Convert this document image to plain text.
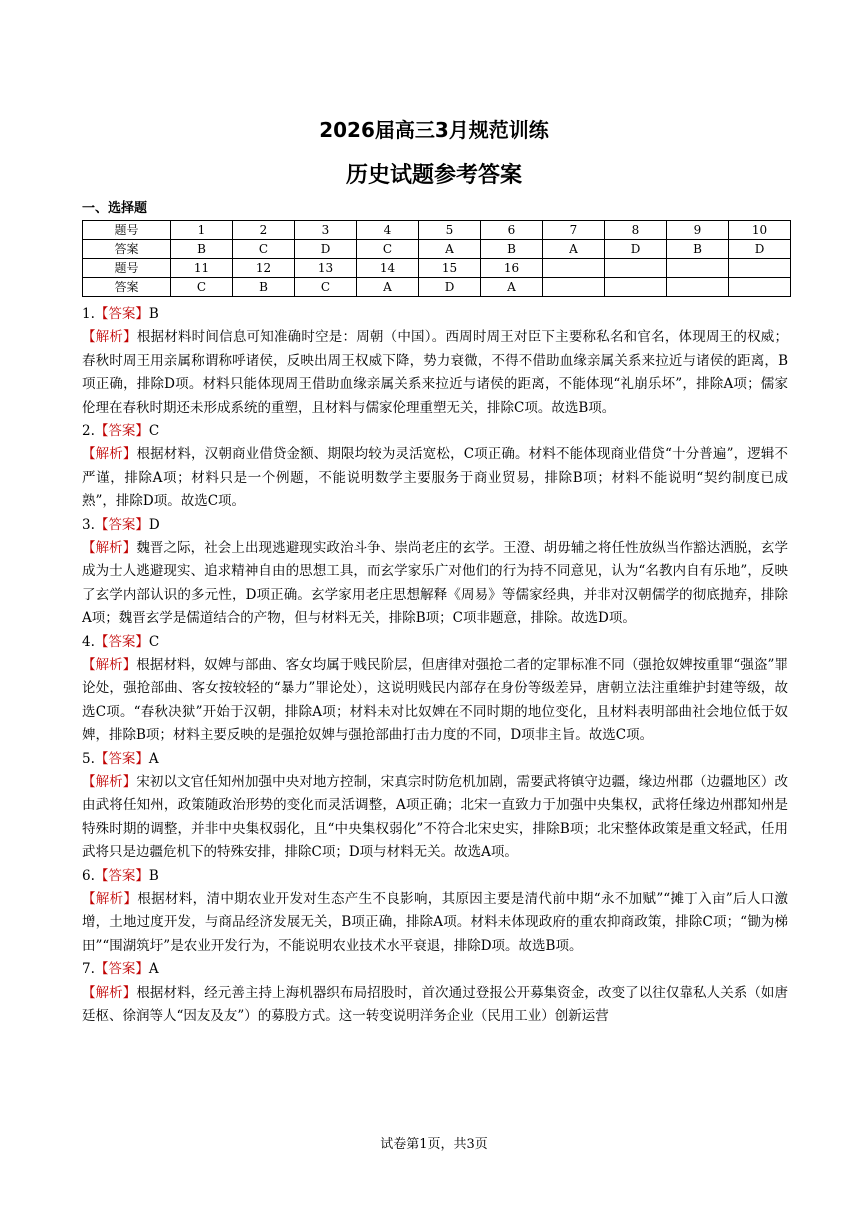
2026届高三3月规范训练
历史试题参考答案
一、选择题
题号	1	2	3	4	5	6	7	8	9	10
答案	B	C	D	C	A	B	A	D	B	D
题号	11	12	13	14	15	16				
答案	C	B	C	A	D	A				
1.【答案】B
【解析】根据材料时间信息可知准确时空是：周朝（中国）。西周时周王对臣下主要称私名和官名，体现周王的权威；春秋时周王用亲属称谓称呼诸侯，反映出周王权威下降，势力衰微，不得不借助血缘亲属关系来拉近与诸侯的距离，B项正确，排除D项。材料只能体现周王借助血缘亲属关系来拉近与诸侯的距离，不能体现“礼崩乐坏”，排除A项；儒家伦理在春秋时期还未形成系统的重塑，且材料与儒家伦理重塑无关，排除C项。故选B项。
2.【答案】C
【解析】根据材料，汉朝商业借贷金额、期限均较为灵活宽松，C项正确。材料不能体现商业借贷“十分普遍”，逻辑不严谨，排除A项；材料只是一个例题，不能说明数学主要服务于商业贸易，排除B项；材料不能说明“契约制度已成熟”，排除D项。故选C项。
3.【答案】D
【解析】魏晋之际，社会上出现逃避现实政治斗争、崇尚老庄的玄学。王澄、胡毋辅之将任性放纵当作豁达洒脱，玄学成为士人逃避现实、追求精神自由的思想工具，而玄学家乐广对他们的行为持不同意见，认为“名教内自有乐地”，反映了玄学内部认识的多元性，D项正确。玄学家用老庄思想解释《周易》等儒家经典，并非对汉朝儒学的彻底抛弃，排除A项；魏晋玄学是儒道结合的产物，但与材料无关，排除B项；C项非题意，排除。故选D项。
4.【答案】C
【解析】根据材料，奴婢与部曲、客女均属于贱民阶层，但唐律对强抢二者的定罪标准不同（强抢奴婢按重罪“强盗”罪论处，强抢部曲、客女按较轻的“暴力”罪论处），这说明贱民内部存在身份等级差异，唐朝立法注重维护封建等级，故选C项。“春秋决狱”开始于汉朝，排除A项；材料未对比奴婢在不同时期的地位变化，且材料表明部曲社会地位低于奴婢，排除B项；材料主要反映的是强抢奴婢与强抢部曲打击力度的不同，D项非主旨。故选C项。
5.【答案】A
【解析】宋初以文官任知州加强中央对地方控制，宋真宗时防危机加剧，需要武将镇守边疆，缘边州郡（边疆地区）改由武将任知州，政策随政治形势的变化而灵活调整，A项正确；北宋一直致力于加强中央集权，武将任缘边州郡知州是特殊时期的调整，并非中央集权弱化，且“中央集权弱化”不符合北宋史实，排除B项；北宋整体政策是重文轻武，任用武将只是边疆危机下的特殊安排，排除C项；D项与材料无关。故选A项。
6.【答案】B
【解析】根据材料，清中期农业开发对生态产生不良影响，其原因主要是清代前中期“永不加赋”“摊丁入亩”后人口激增，土地过度开发，与商品经济发展无关，B项正确，排除A项。材料未体现政府的重农抑商政策，排除C项；“锄为梯田”“围湖筑圩”是农业开发行为，不能说明农业技术水平衰退，排除D项。故选B项。
7.【答案】A
【解析】根据材料，经元善主持上海机器织布局招股时，首次通过登报公开募集资金，改变了以往仅靠私人关系（如唐廷枢、徐润等人“因友及友”）的募股方式。这一转变说明洋务企业（民用工业）创新运营
试卷第1页，共3页
